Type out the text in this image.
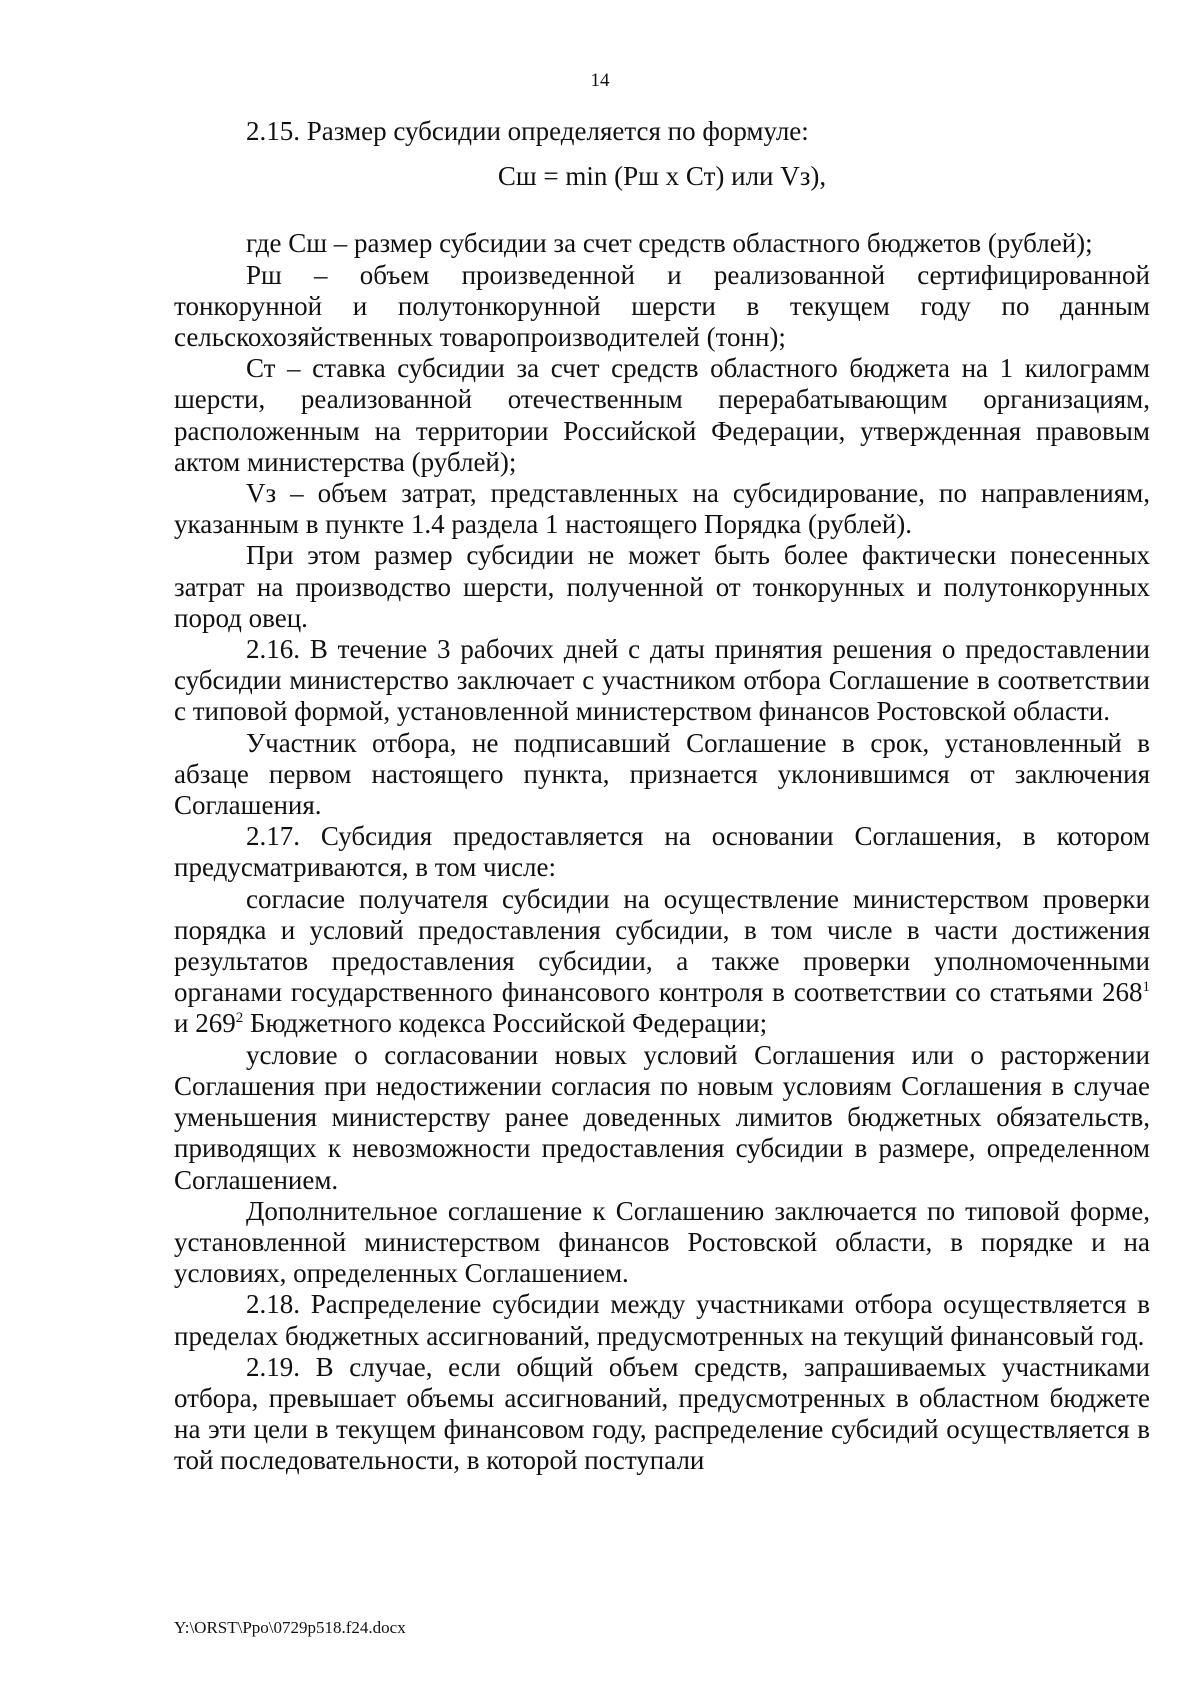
14

2.15. Размер субсидии определяется по формуле:

Сш = min (Рш х Ст) или Vз),

где Сш – размер субсидии за счет средств областного бюджетов (рублей);

Рш – объем произведенной и реализованной сертифицированной тонкорунной и полутонкорунной шерсти в текущем году по данным сельскохозяйственных товаропроизводителей (тонн);

Ст – ставка субсидии за счет средств областного бюджета на 1 килограмм шерсти, реализованной отечественным перерабатывающим организациям, расположенным на территории Российской Федерации, утвержденная правовым актом министерства (рублей);

Vз – объем затрат, представленных на субсидирование, по направлениям, указанным в пункте 1.4 раздела 1 настоящего Порядка (рублей).

При этом размер субсидии не может быть более фактически понесенных затрат на производство шерсти, полученной от тонкорунных и полутонкорунных пород овец.

2.16. В течение 3 рабочих дней с даты принятия решения о предоставлении субсидии министерство заключает с участником отбора Соглашение в соответствии с типовой формой, установленной министерством финансов Ростовской области.

Участник отбора, не подписавший Соглашение в срок, установленный в абзаце первом настоящего пункта, признается уклонившимся от заключения Соглашения.

2.17. Субсидия предоставляется на основании Соглашения, в котором предусматриваются, в том числе:

согласие получателя субсидии на осуществление министерством проверки порядка и условий предоставления субсидии, в том числе в части достижения результатов предоставления субсидии, а также проверки уполномоченными органами государственного финансового контроля в соответствии со статьями $268^1$ и $269^2$ Бюджетного кодекса Российской Федерации;

условие о согласовании новых условий Соглашения или о расторжении Соглашения при недостижении согласия по новым условиям Соглашения в случае уменьшения министерству ранее доведенных лимитов бюджетных обязательств, приводящих к невозможности предоставления субсидии в размере, определенном Соглашением.

Дополнительное соглашение к Соглашению заключается по типовой форме, установленной министерством финансов Ростовской области, в порядке и на условиях, определенных Соглашением.

2.18. Распределение субсидии между участниками отбора осуществляется в пределах бюджетных ассигнований, предусмотренных на текущий финансовый год.

2.19. В случае, если общий объем средств, запрашиваемых участниками отбора, превышает объемы ассигнований, предусмотренных в областном бюджете на эти цели в текущем финансовом году, распределение субсидий осуществляется в той последовательности, в которой поступали

Y:\ORST\Ppo\0729p518.f24.docx
